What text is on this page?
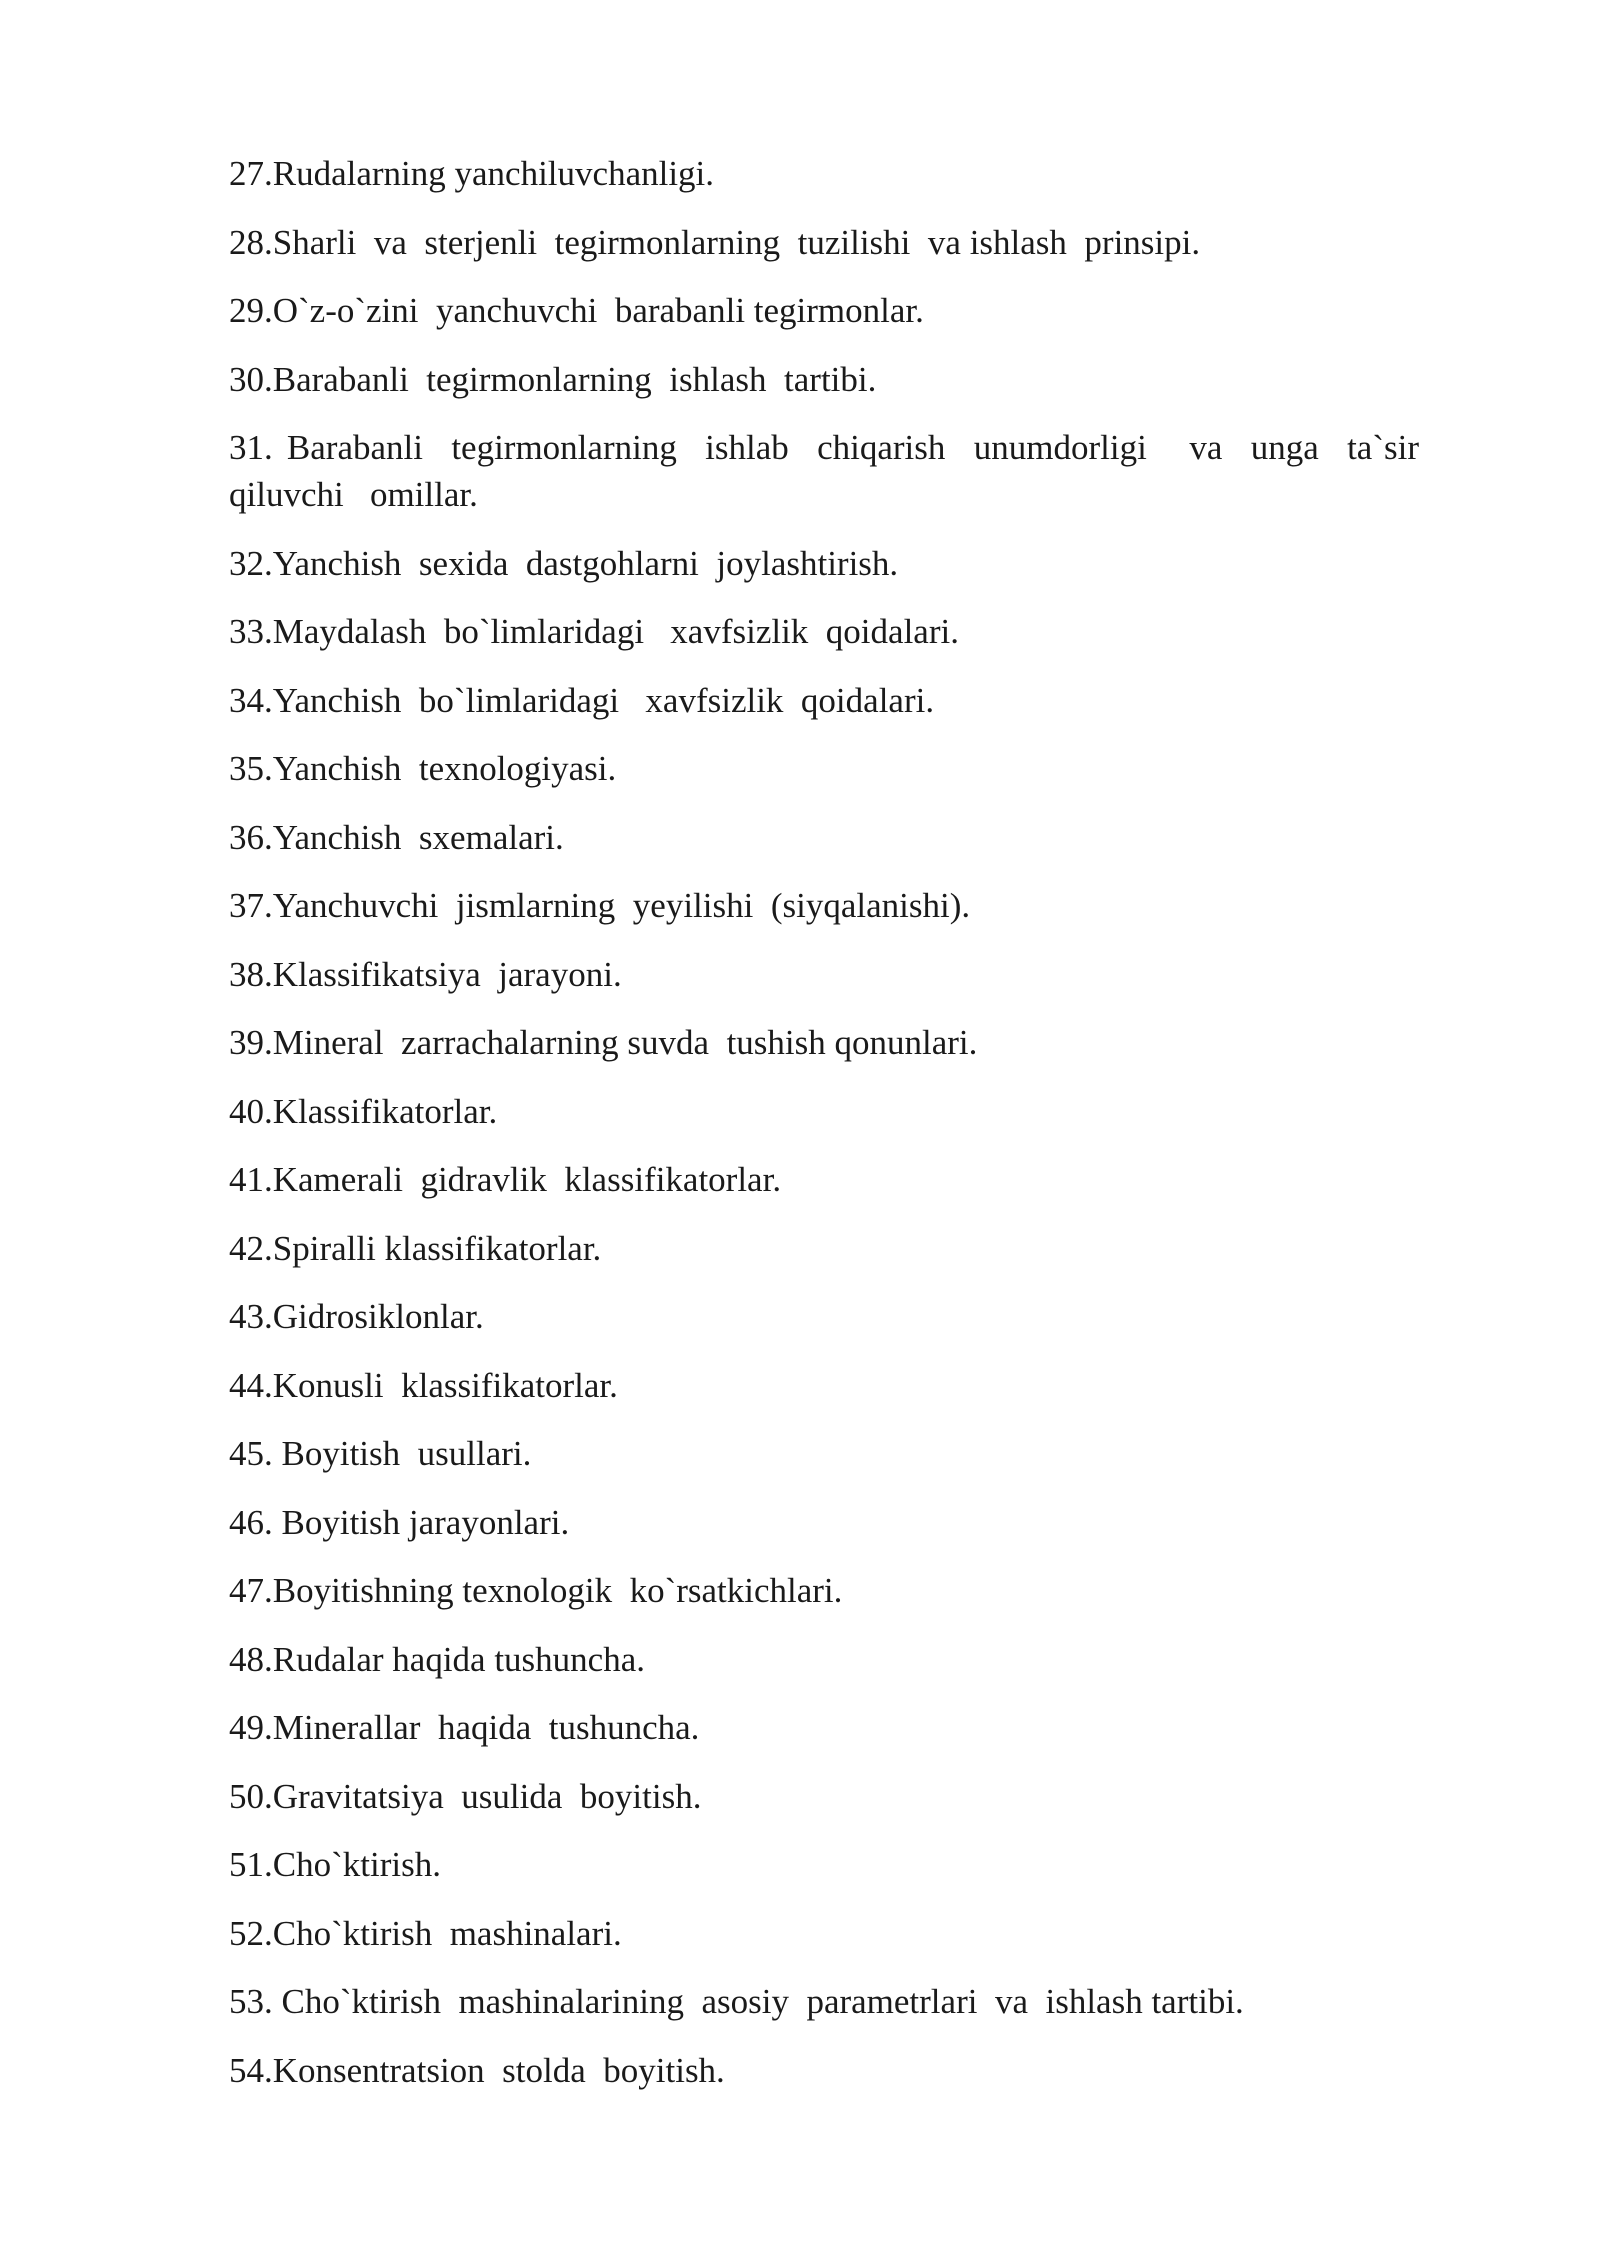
27.Rudalarning yanchiluvchanligi.
28.Sharli  va  sterjenli  tegirmonlarning  tuzilishi  va ishlash  prinsipi.
29.O`z-o`zini  yanchuvchi  barabanli tegirmonlar.
30.Barabanli  tegirmonlarning  ishlash  tartibi.
31. Barabanli  tegirmonlarning  ishlab  chiqarish  unumdorligi   va  unga  ta`sir qiluvchi   omillar.
32.Yanchish  sexida  dastgohlarni  joylashtirish.
33.Maydalash  bo`limlaridagi   xavfsizlik  qoidalari.
34.Yanchish  bo`limlaridagi   xavfsizlik  qoidalari.
35.Yanchish  texnologiyasi.
36.Yanchish  sxemalari.
37.Yanchuvchi  jismlarning  yeyilishi  (siyqalanishi).
38.Klassifikatsiya  jarayoni.
39.Mineral  zarrachalarning suvda  tushish qonunlari.
40.Klassifikatorlar.
41.Kamerali  gidravlik  klassifikatorlar.
42.Spiralli klassifikatorlar.
43.Gidrosiklonlar.
44.Konusli  klassifikatorlar.
45. Boyitish  usullari.
46. Boyitish jarayonlari.
47.Boyitishning texnologik  ko`rsatkichlari.
48.Rudalar haqida tushuncha.
49.Minerallar  haqida  tushuncha.
50.Gravitatsiya  usulida  boyitish.
51.Cho`ktirish.
52.Cho`ktirish  mashinalari.
53. Cho`ktirish  mashinalarining  asosiy  parametrlari  va  ishlash tartibi.
54.Konsentratsion  stolda  boyitish.
